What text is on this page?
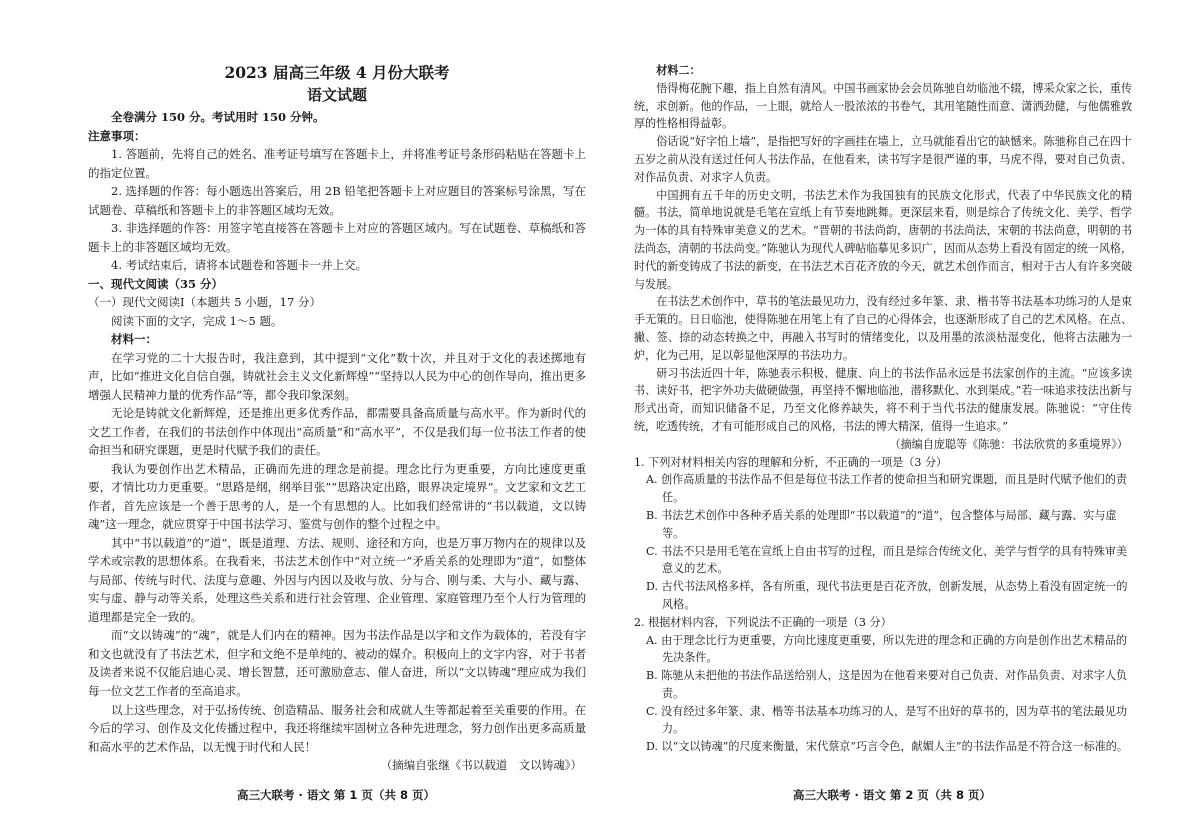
2023 届高三年级 4 月份大联考
语文试题
全卷满分 150 分。考试用时 150 分钟。
注意事项：
1. 答题前，先将自己的姓名、准考证号填写在答题卡上，并将准考证号条形码粘贴在答题卡上的指定位置。
2. 选择题的作答：每小题选出答案后，用 2B 铅笔把答题卡上对应题目的答案标号涂黑，写在试题卷、草稿纸和答题卡上的非答题区域均无效。
3. 非选择题的作答：用签字笔直接答在答题卡上对应的答题区域内。写在试题卷、草稿纸和答题卡上的非答题区域均无效。
4. 考试结束后，请将本试题卷和答题卡一并上交。
一、现代文阅读（35 分）
（一）现代文阅读Ⅰ（本题共 5 小题，17 分）
阅读下面的文字，完成 1～5 题。
材料一：
在学习党的二十大报告时，我注意到，其中提到“文化”数十次，并且对于文化的表述掷地有声，比如“推进文化自信自强，铸就社会主义文化新辉煌”“坚持以人民为中心的创作导向，推出更多增强人民精神力量的优秀作品”等，都令我印象深刻。
无论是铸就文化新辉煌，还是推出更多优秀作品，都需要具备高质量与高水平。作为新时代的文艺工作者，在我们的书法创作中体现出“高质量”和“高水平”，不仅是我们每一位书法工作者的使命担当和研究课题，更是时代赋予我们的责任。
我认为要创作出艺术精品，正确而先进的理念是前提。理念比行为更重要，方向比速度更重要，才情比功力更重要。“思路是纲，纲举目张”“思路决定出路，眼界决定境界”。文艺家和文艺工作者，首先应该是一个善于思考的人，是一个有思想的人。比如我们经常讲的“书以载道，文以铸魂”这一理念，就应贯穿于中国书法学习、鉴赏与创作的整个过程之中。
其中“书以载道”的“道”，既是道理、方法、规则、途径和方向，也是万事万物内在的规律以及学术或宗教的思想体系。在我看来，书法艺术创作中“对立统一”矛盾关系的处理即为“道”，如整体与局部、传统与时代、法度与意趣、外因与内因以及收与放、分与合、刚与柔、大与小、藏与露、实与虚、静与动等关系，处理这些关系和进行社会管理、企业管理、家庭管理乃至个人行为管理的道理都是完全一致的。
而“文以铸魂”的“魂”，就是人们内在的精神。因为书法作品是以字和文作为载体的，若没有字和文也就没有了书法艺术，但字和文绝不是单纯的、被动的媒介。积极向上的文字内容，对于书者及读者来说不仅能启迪心灵、增长智慧，还可激励意志、催人奋进，所以“文以铸魂”理应成为我们每一位文艺工作者的至高追求。
以上这些理念，对于弘扬传统、创造精品、服务社会和成就人生等都起着至关重要的作用。在今后的学习、创作及文化传播过程中，我还将继续牢固树立各种先进理念，努力创作出更多高质量和高水平的艺术作品，以无愧于时代和人民！
（摘编自张继《书以载道　文以铸魂》）
高三大联考 · 语文 第 1 页（共 8 页）
材料二：
悟得梅花腕下趣，指上自然有清风。中国书画家协会会员陈驰自幼临池不辍，博采众家之长，重传统，求创新。他的作品，一上眼，就给人一股浓浓的书卷气，其用笔随性而意、潇洒劲健，与他儒雅敦厚的性格相得益彰。
俗话说“好字怕上墙”，是指把写好的字画挂在墙上，立马就能看出它的缺憾来。陈驰称自己在四十五岁之前从没有送过任何人书法作品，在他看来，读书写字是很严谨的事，马虎不得，要对自己负责、对作品负责、对求字人负责。
中国拥有五千年的历史文明，书法艺术作为我国独有的民族文化形式，代表了中华民族文化的精髓。书法，简单地说就是毛笔在宣纸上有节奏地跳舞。更深层来看，则是综合了传统文化、美学、哲学为一体的具有特殊审美意义的艺术。“晋朝的书法尚韵，唐朝的书法尚法，宋朝的书法尚意，明朝的书法尚态，清朝的书法尚变。”陈驰认为现代人碑帖临摹见多识广，因而从态势上看没有固定的统一风格，时代的新变铸成了书法的新变，在书法艺术百花齐放的今天，就艺术创作而言，相对于古人有许多突破与发展。
在书法艺术创作中，草书的笔法最见功力，没有经过多年篆、隶、楷书等书法基本功练习的人是束手无策的。日日临池，使得陈驰在用笔上有了自己的心得体会，也逐渐形成了自己的艺术风格。在点、撇、签、捺的动态转换之中，再融入书写时的情绪变化，以及用墨的浓淡枯湿变化，他将古法融为一炉，化为己用，足以彰显他深厚的书法功力。
研习书法近四十年，陈驰表示积极、健康、向上的书法作品永远是书法家创作的主流。“应该多读书、读好书，把字外功夫做硬做强，再坚持不懈地临池，潜移默化、水到渠成。”若一味追求技法出新与形式出奇，而知识储备不足，乃至文化修养缺失，将不利于当代书法的健康发展。陈驰说：“守住传统，吃透传统，才有可能形成自己的风格，书法的博大精深，值得一生追求。”
（摘编自庞聪等《陈驰：书法欣赏的多重境界》）
1. 下列对材料相关内容的理解和分析，不正确的一项是（3 分）
A. 创作高质量的书法作品不但是每位书法工作者的使命担当和研究课题，而且是时代赋予他们的责任。
B. 书法艺术创作中各种矛盾关系的处理即“书以载道”的“道”，包含整体与局部、藏与露、实与虚等。
C. 书法不只是用毛笔在宣纸上自由书写的过程，而且是综合传统文化、美学与哲学的具有特殊审美意义的艺术。
D. 古代书法风格多样，各有所重，现代书法更是百花齐放，创新发展，从态势上看没有固定统一的风格。
2. 根据材料内容，下列说法不正确的一项是（3 分）
A. 由于理念比行为更重要，方向比速度更重要，所以先进的理念和正确的方向是创作出艺术精品的先决条件。
B. 陈驰从未把他的书法作品送给别人，这是因为在他看来要对自己负责、对作品负责、对求字人负责。
C. 没有经过多年篆、隶、楷等书法基本功练习的人，是写不出好的草书的，因为草书的笔法最见功力。
D. 以“文以铸魂”的尺度来衡量，宋代蔡京“巧言令色，献媚人主”的书法作品是不符合这一标准的。
高三大联考 · 语文 第 2 页（共 8 页）
